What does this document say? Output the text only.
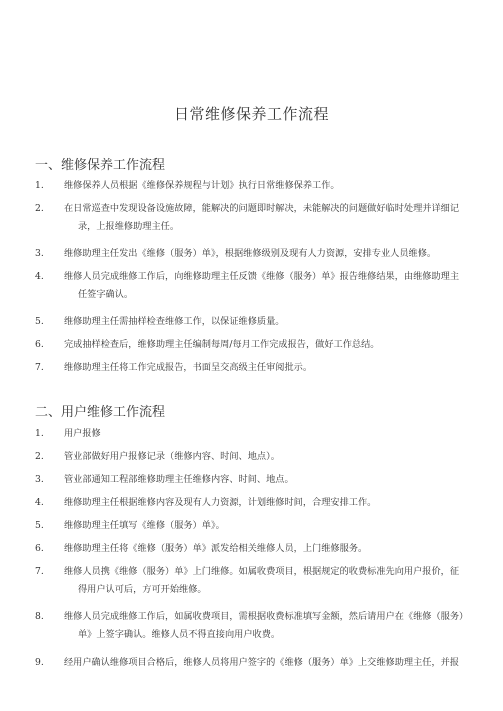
日常维修保养工作流程
一、维修保养工作流程
1. 维修保养人员根据《维修保养规程与计划》执行日常维修保养工作。
2. 在日常巡查中发现设备设施故障，能解决的问题即时解决，未能解决的问题做好临时处理并详细记
录，上报维修助理主任。
3. 维修助理主任发出《维修（服务）单》，根据维修级别及现有人力资源，安排专业人员维修。
4. 维修人员完成维修工作后，向维修助理主任反馈《维修（服务）单》报告维修结果，由维修助理主
任签字确认。
5. 维修助理主任需抽样检查维修工作，以保证维修质量。
6. 完成抽样检查后，维修助理主任编制每周/每月工作完成报告，做好工作总结。
7. 维修助理主任将工作完成报告，书面呈交高级主任审阅批示。
二、用户维修工作流程
1. 用户报修
2. 管业部做好用户报修记录（维修内容、时间、地点）。
3. 管业部通知工程部维修助理主任维修内容、时间、地点。
4. 维修助理主任根据维修内容及现有人力资源，计划维修时间，合理安排工作。
5. 维修助理主任填写《维修（服务）单》。
6. 维修助理主任将《维修（服务）单》派发给相关维修人员，上门维修服务。
7. 维修人员携《维修（服务）单》上门维修。如属收费项目，根据规定的收费标准先向用户报价，征
得用户认可后，方可开始维修。
8. 维修人员完成维修工作后，如属收费项目，需根据收费标准填写金额，然后请用户在《维修（服务）
单》上签字确认。维修人员不得直接向用户收费。
9. 经用户确认维修项目合格后，维修人员将用户签字的《维修（服务）单》上交维修助理主任，并报
